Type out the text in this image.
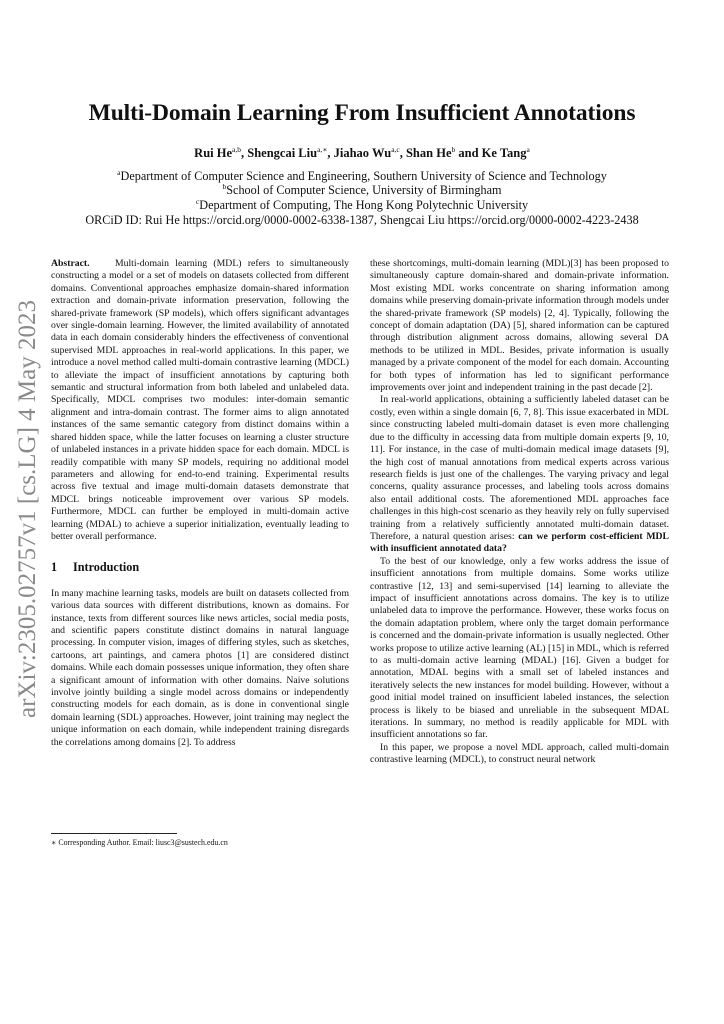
arXiv:2305.02757v1 [cs.LG] 4 May 2023
Multi-Domain Learning From Insufficient Annotations
Rui He$^{a,b}$, Shengcai Liu$^{a,∗}$, Jiahao Wu$^{a,c}$, Shan He$^b$ and Ke Tang$^a$
$^a$Department of Computer Science and Engineering, Southern University of Science and Technology
$^b$School of Computer Science, University of Birmingham
$^c$Department of Computing, The Hong Kong Polytechnic University
ORCiD ID: Rui He https://orcid.org/0000-0002-6338-1387, Shengcai Liu https://orcid.org/0000-0002-4223-2438

Abstract.	Multi-domain learning (MDL) refers to simultaneously constructing a model or a set of models on datasets collected from different domains. Conventional approaches emphasize domain-shared information extraction and domain-private information preservation, following the shared-private framework (SP models), which offers significant advantages over single-domain learning. However, the limited availability of annotated data in each domain considerably hinders the effectiveness of conventional supervised MDL approaches in real-world applications. In this paper, we introduce a novel method called multi-domain contrastive learning (MDCL) to alleviate the impact of insufficient annotations by capturing both semantic and structural information from both labeled and unlabeled data. Specifically, MDCL comprises two modules: inter-domain semantic alignment and intra-domain contrast. The former aims to align annotated instances of the same semantic category from distinct domains within a shared hidden space, while the latter focuses on learning a cluster structure of unlabeled instances in a private hidden space for each domain. MDCL is readily compatible with many SP models, requiring no additional model parameters and allowing for end-to-end training. Experimental results across five textual and image multi-domain datasets demonstrate that MDCL brings noticeable improvement over various SP models. Furthermore, MDCL can further be employed in multi-domain active learning (MDAL) to achieve a superior initialization, eventually leading to better overall performance.

1 Introduction

In many machine learning tasks, models are built on datasets collected from various data sources with different distributions, known as domains. For instance, texts from different sources like news articles, social media posts, and scientific papers constitute distinct domains in natural language processing. In computer vision, images of differing styles, such as sketches, cartoons, art paintings, and camera photos [1] are considered distinct domains. While each domain possesses unique information, they often share a significant amount of information with other domains. Naive solutions involve jointly building a single model across domains or independently constructing models for each domain, as is done in conventional single domain learning (SDL) approaches. However, joint training may neglect the unique information on each domain, while independent training disregards the correlations among domains [2]. To address

these shortcomings, multi-domain learning (MDL)[3] has been proposed to simultaneously capture domain-shared and domain-private information. Most existing MDL works concentrate on sharing information among domains while preserving domain-private information through models under the shared-private framework (SP models) [2, 4]. Typically, following the concept of domain adaptation (DA) [5], shared information can be captured through distribution alignment across domains, allowing several DA methods to be utilized in MDL. Besides, private information is usually managed by a private component of the model for each domain. Accounting for both types of information has led to significant performance improvements over joint and independent training in the past decade [2].

In real-world applications, obtaining a sufficiently labeled dataset can be costly, even within a single domain [6, 7, 8]. This issue exacerbated in MDL since constructing labeled multi-domain dataset is even more challenging due to the difficulty in accessing data from multiple domain experts [9, 10, 11]. For instance, in the case of multi-domain medical image datasets [9], the high cost of manual annotations from medical experts across various research fields is just one of the challenges. The varying privacy and legal concerns, quality assurance processes, and labeling tools across domains also entail additional costs. The aforementioned MDL approaches face challenges in this high-cost scenario as they heavily rely on fully supervised training from a relatively sufficiently annotated multi-domain dataset. Therefore, a natural question arises: can we perform cost-efficient MDL with insufficient annotated data?

To the best of our knowledge, only a few works address the issue of insufficient annotations from multiple domains. Some works utilize contrastive [12, 13] and semi-supervised [14] learning to alleviate the impact of insufficient annotations across domains. The key is to utilize unlabeled data to improve the performance. However, these works focus on the domain adaptation problem, where only the target domain performance is concerned and the domain-private information is usually neglected. Other works propose to utilize active learning (AL) [15] in MDL, which is referred to as multi-domain active learning (MDAL) [16]. Given a budget for annotation, MDAL begins with a small set of labeled instances and iteratively selects the new instances for model building. However, without a good initial model trained on insufficient labeled instances, the selection process is likely to be biased and unreliable in the subsequent MDAL iterations. In summary, no method is readily applicable for MDL with insufficient annotations so far.

In this paper, we propose a novel MDL approach, called multi-domain contrastive learning (MDCL), to construct neural network

∗ Corresponding Author. Email: liusc3@sustech.edu.cn
